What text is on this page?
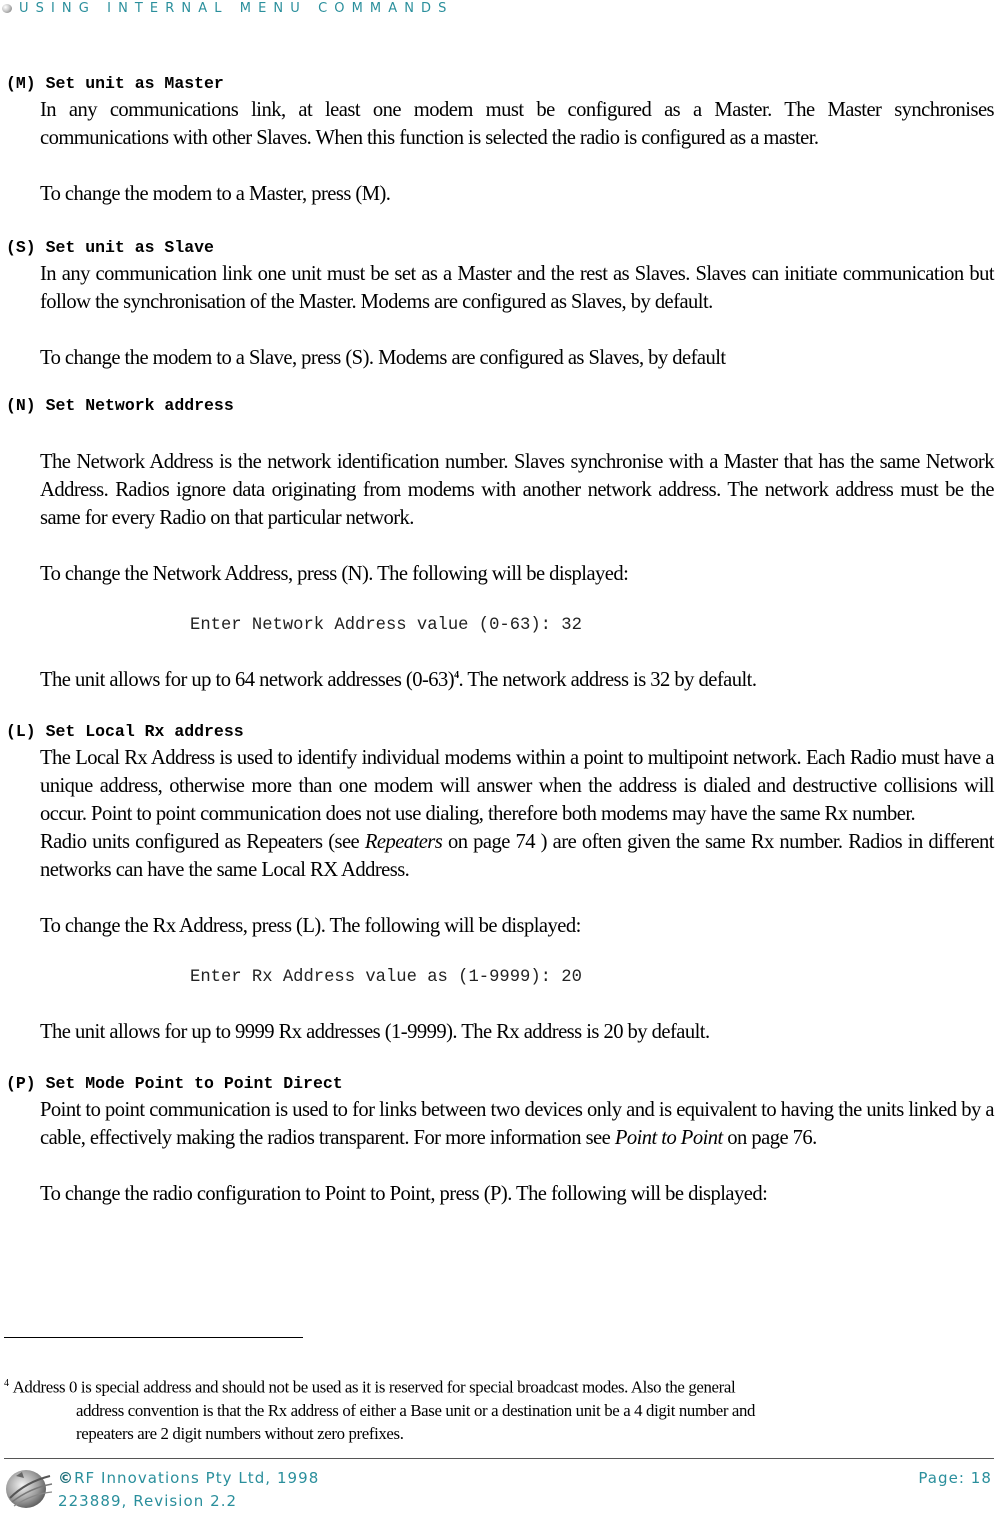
USING INTERNAL MENU COMMANDS
(M) Set unit as Master

In any communications link, at least one modem must be configured as a Master. The Master synchronises communications with other Slaves. When this function is selected the radio is configured as a master.

To change the modem to a Master, press (M).

(S) Set unit as Slave

In any communication link one unit must be set as a Master and the rest as Slaves. Slaves can initiate communication but follow the synchronisation of the Master. Modems are configured as Slaves, by default.

To change the modem to a Slave, press (S). Modems are configured as Slaves, by default

(N) Set Network address

The Network Address is the network identification number. Slaves synchronise with a Master that has the same Network Address. Radios ignore data originating from modems with another network address. The network address must be the same for every Radio on that particular network.

To change the Network Address, press (N). The following will be displayed:

Enter Network Address value (0-63): 32

The unit allows for up to 64 network addresses (0-63)$^4$. The network address is 32 by default.

(L) Set Local Rx address

The Local Rx Address is used to identify individual modems within a point to multipoint network. Each Radio must have a unique address, otherwise more than one modem will answer when the address is dialed and destructive collisions will occur. Point to point communication does not use dialing, therefore both modems may have the same Rx number.

Radio units configured as Repeaters (see Repeaters on page 74 ) are often given the same Rx number. Radios in different networks can have the same Local RX Address.

To change the Rx Address, press (L). The following will be displayed:

Enter Rx Address value as (1-9999): 20

The unit allows for up to 9999 Rx addresses (1-9999). The Rx address is 20 by default.

(P) Set Mode Point to Point Direct

Point to point communication is used to for links between two devices only and is equivalent to having the units linked by a cable, effectively making the radios transparent. For more information see Point to Point on page 76.

To change the radio configuration to Point to Point, press (P). The following will be displayed:

$^4$ Address 0 is special address and should not be used as it is reserved for special broadcast modes. Also the general
address convention is that the Rx address of either a Base unit or a destination unit be a 4 digit number and
repeaters are 2 digit numbers without zero prefixes.
©RF Innovations Pty Ltd, 1998
223889, Revision 2.2
Page: 18
